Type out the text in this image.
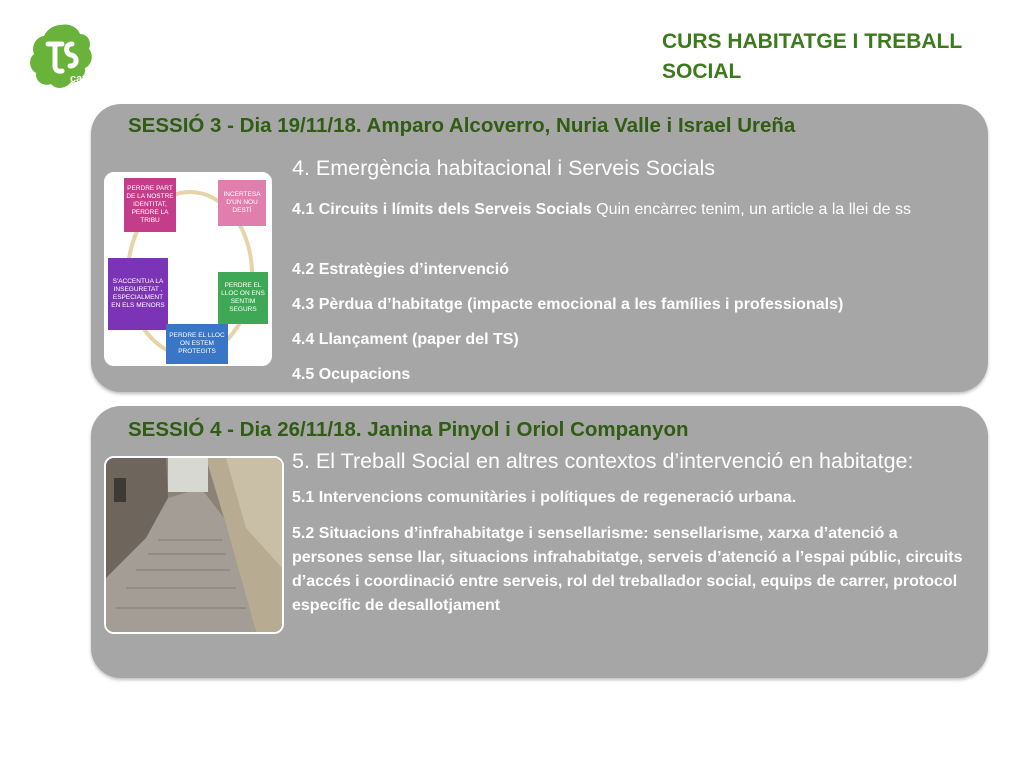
cat
CURS HABITATGE I TREBALL SOCIAL
SESSIÓ 3 - Dia 19/11/18. Amparo Alcoverro, Nuria Valle i Israel Ureña
PERDRE PART DE LA NOSTRE IDENTITAT, PERDRE LA TRIBU
INCERTESA D'UN NOU DESTÍ
S'ACCENTUA LA INSEGURETAT , ESPECIALMENT EN ELS MENORS
PERDRE EL LLOC ON ENS SENTIM SEGURS
PERDRE EL LLOC ON ESTEM PROTEGITS
4. Emergència habitacional i Serveis Socials
4.1 Circuits i límits dels Serveis Socials Quin encàrrec tenim, un article a la llei de ss
4.2 Estratègies d’intervenció
4.3 Pèrdua d’habitatge (impacte emocional a les famílies i professionals)
4.4 Llançament (paper del TS)
4.5 Ocupacions
SESSIÓ 4 - Dia 26/11/18. Janina Pinyol i Oriol Companyon
5. El Treball Social en altres contextos d’intervenció en habitatge:
5.1 Intervencions comunitàries i polítiques de regeneració urbana.
5.2 Situacions d’infrahabitatge i sensellarisme: sensellarisme, xarxa d’atenció a persones sense llar, situacions infrahabitatge, serveis d’atenció a l’espai públic, circuits d’accés i coordinació entre serveis, rol del treballador social, equips de carrer, protocol específic de desallotjament
